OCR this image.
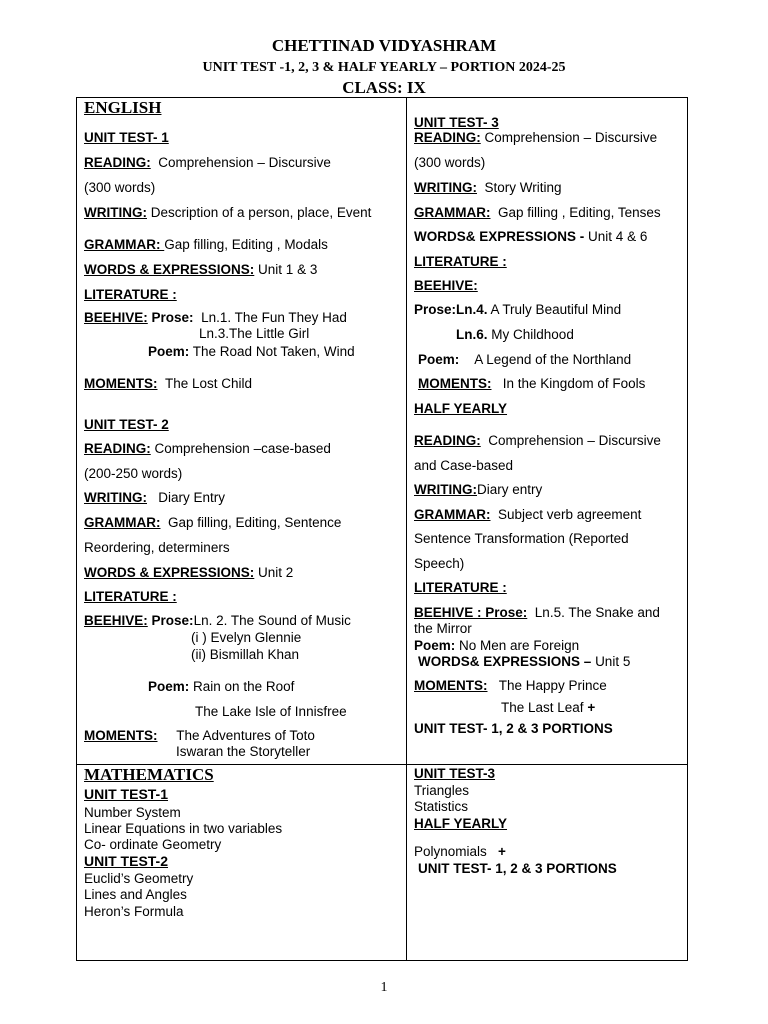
CHETTINAD VIDYASHRAM
UNIT TEST -1, 2, 3 & HALF YEARLY – PORTION 2024-25
CLASS: IX
ENGLISH
UNIT TEST- 1
READING: Comprehension – Discursive
(300 words)
WRITING: Description of a person, place, Event
GRAMMAR: Gap filling, Editing , Modals
WORDS & EXPRESSIONS: Unit 1 & 3
LITERATURE :
BEEHIVE: Prose: Ln.1. The Fun They Had
Ln.3.The Little Girl
Poem: The Road Not Taken, Wind
MOMENTS: The Lost Child
UNIT TEST- 2
READING: Comprehension –case-based
(200-250 words)
WRITING: Diary Entry
GRAMMAR: Gap filling, Editing, Sentence
Reordering, determiners
WORDS & EXPRESSIONS: Unit 2
LITERATURE :
BEEHIVE: Prose:Ln. 2. The Sound of Music
(i ) Evelyn Glennie
(ii) Bismillah Khan
Poem: Rain on the Roof
The Lake Isle of Innisfree
MOMENTS: The Adventures of Toto
Iswaran the Storyteller
UNIT TEST- 3
READING: Comprehension – Discursive
(300 words)
WRITING: Story Writing
GRAMMAR: Gap filling , Editing, Tenses
WORDS& EXPRESSIONS - Unit 4 & 6
LITERATURE :
BEEHIVE:
Prose:Ln.4. A Truly Beautiful Mind
Ln.6. My Childhood
Poem: A Legend of the Northland
MOMENTS: In the Kingdom of Fools
HALF YEARLY
READING: Comprehension – Discursive
and Case-based
WRITING:Diary entry
GRAMMAR: Subject verb agreement
Sentence Transformation (Reported
Speech)
LITERATURE :
BEEHIVE : Prose: Ln.5. The Snake and
the Mirror
Poem: No Men are Foreign
WORDS& EXPRESSIONS – Unit 5
MOMENTS: The Happy Prince
The Last Leaf +
UNIT TEST- 1, 2 & 3 PORTIONS
MATHEMATICS
UNIT TEST-1
Number System
Linear Equations in two variables
Co- ordinate Geometry
UNIT TEST-2
Euclid’s Geometry
Lines and Angles
Heron’s Formula
UNIT TEST-3
Triangles
Statistics
HALF YEARLY
Polynomials +
UNIT TEST- 1, 2 & 3 PORTIONS
1
